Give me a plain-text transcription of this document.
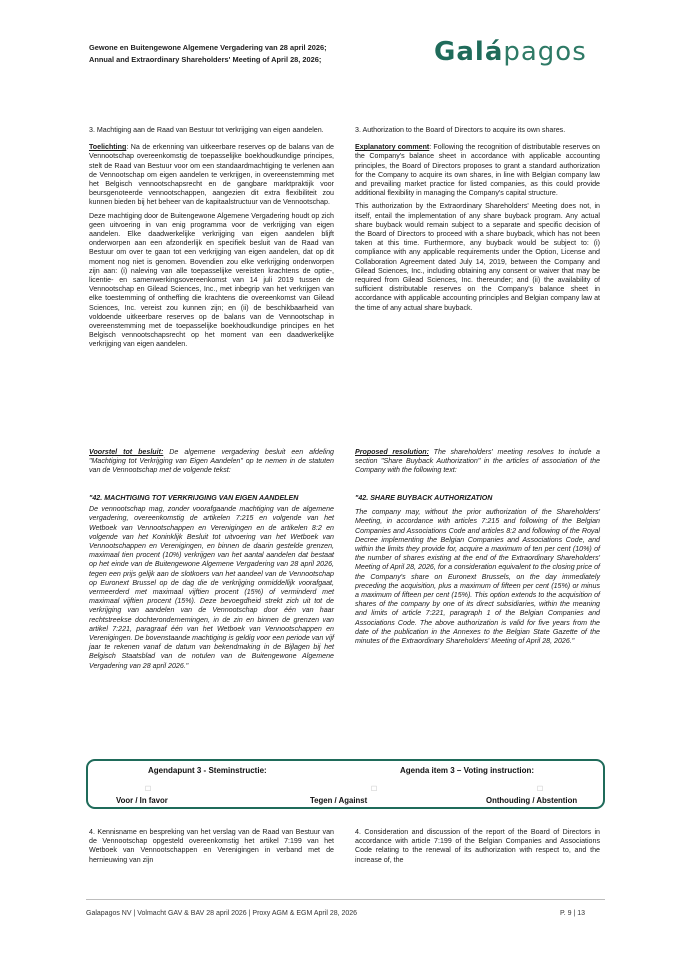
Gewone en Buitengewone Algemene Vergadering van 28 april 2026;
Annual and Extraordinary Shareholders' Meeting of April 28, 2026;	Galápagos

3. Machtiging aan de Raad van Bestuur tot verkrijging van eigen aandelen.

Toelichting: Na de erkenning van uitkeerbare reserves op de balans van de Vennootschap overeenkomstig de toepasselijke boekhoudkundige principes, stelt de Raad van Bestuur voor om een standaardmachtiging te verlenen aan de Vennootschap om eigen aandelen te verkrijgen, in overeenstemming met het Belgisch vennootschapsrecht en de gangbare marktpraktijk voor beursgenoteerde vennootschappen, aangezien dit extra flexibiliteit zou kunnen bieden bij het beheer van de kapitaalstructuur van de Vennootschap.

Deze machtiging door de Buitengewone Algemene Vergadering houdt op zich geen uitvoering in van enig programma voor de verkrijging van eigen aandelen. Elke daadwerkelijke verkrijging van eigen aandelen blijft onderworpen aan een afzonderlijk en specifiek besluit van de Raad van Bestuur om over te gaan tot een verkrijging van eigen aandelen, dat op dit moment nog niet is genomen. Bovendien zou elke verkrijging onderworpen zijn aan: (i) naleving van alle toepasselijke vereisten krachtens de optie-, licentie- en samenwerkingsovereenkomst van 14 juli 2019 tussen de Vennootschap en Gilead Sciences, Inc., met inbegrip van het verkrijgen van elke toestemming of ontheffing die krachtens die overeenkomst van Gilead Sciences, Inc. vereist zou kunnen zijn; en (ii) de beschikbaarheid van voldoende uitkeerbare reserves op de balans van de Vennootschap in overeenstemming met de toepasselijke boekhoudkundige principes en het Belgisch vennootschapsrecht op het moment van een daadwerkelijke verkrijging van eigen aandelen.

Voorstel tot besluit: De algemene vergadering besluit een afdeling "Machtiging tot Verkrijging van Eigen Aandelen" op te nemen in de statuten van de Vennootschap met de volgende tekst:

"42. MACHTIGING TOT VERKRIJGING VAN EIGEN AANDELEN

De vennootschap mag, zonder voorafgaande machtiging van de algemene vergadering, overeenkomstig de artikelen 7:215 en volgende van het Wetboek van Vennootschappen en Verenigingen en de artikelen 8:2 en volgende van het Koninklijk Besluit tot uitvoering van het Wetboek van Vennootschappen en Verenigingen, en binnen de daarin gestelde grenzen, maximaal tien procent (10%) verkrijgen van het aantal aandelen dat bestaat op het einde van de Buitengewone Algemene Vergadering van 28 april 2026, tegen een prijs gelijk aan de slotkoers van het aandeel van de Vennootschap op Euronext Brussel op de dag die de verkrijging onmiddellijk voorafgaat, vermeerderd met maximaal vijftien procent (15%) of verminderd met maximaal vijftien procent (15%). Deze bevoegdheid strekt zich uit tot de verkrijging van aandelen van de Vennootschap door één van haar rechtstreekse dochterondernemingen, in de zin en binnen de grenzen van artikel 7:221, paragraaf één van het Wetboek van Vennootschappen en Verenigingen. De bovenstaande machtiging is geldig voor een periode van vijf jaar te rekenen vanaf de datum van bekendmaking in de Bijlagen bij het Belgisch Staatsblad van de notulen van de Buitengewone Algemene Vergadering van 28 april 2026."

3. Authorization to the Board of Directors to acquire its own shares.

Explanatory comment: Following the recognition of distributable reserves on the Company's balance sheet in accordance with applicable accounting principles, the Board of Directors proposes to grant a standard authorization for the Company to acquire its own shares, in line with Belgian company law and prevailing market practice for listed companies, as this could provide additional flexibility in managing the Company's capital structure.

This authorization by the Extraordinary Shareholders' Meeting does not, in itself, entail the implementation of any share buyback program. Any actual share buyback would remain subject to a separate and specific decision of the Board of Directors to proceed with a share buyback, which has not been taken at this time. Furthermore, any buyback would be subject to: (i) compliance with any applicable requirements under the Option, License and Collaboration Agreement dated July 14, 2019, between the Company and Gilead Sciences, Inc., including obtaining any consent or waiver that may be required from Gilead Sciences, Inc. thereunder; and (ii) the availability of sufficient distributable reserves on the Company's balance sheet in accordance with applicable accounting principles and Belgian company law at the time of any actual share buyback.

Proposed resolution: The shareholders' meeting resolves to include a section "Share Buyback Authorization" in the articles of association of the Company with the following text:

"42. SHARE BUYBACK AUTHORIZATION

The company may, without the prior authorization of the Shareholders' Meeting, in accordance with articles 7:215 and following of the Belgian Companies and Associations Code and articles 8:2 and following of the Royal Decree implementing the Belgian Companies and Associations Code, and within the limits they provide for, acquire a maximum of ten per cent (10%) of the number of shares existing at the end of the Extraordinary Shareholders' Meeting of April 28, 2026, for a consideration equivalent to the closing price of the Company's share on Euronext Brussels, on the day immediately preceding the acquisition, plus a maximum of fifteen per cent (15%) or minus a maximum of fifteen per cent (15%). This option extends to the acquisition of shares of the company by one of its direct subsidiaries, within the meaning and limits of article 7:221, paragraph 1 of the Belgian Companies and Associations Code. The above authorization is valid for five years from the date of the publication in the Annexes to the Belgian State Gazette of the minutes of the Extraordinary Shareholders' Meeting of April 28, 2026."

Agendapunt 3 - Steminstructie:	Agenda item 3 – Voting instruction:
☐	☐	☐
Voor / In favor	Tegen / Against	Onthouding / Abstention

4. Kennisname en bespreking van het verslag van de Raad van Bestuur van de Vennootschap opgesteld overeenkomstig het artikel 7:199 van het Wetboek van Vennootschappen en Verenigingen in verband met de hernieuwing van zijn

4. Consideration and discussion of the report of the Board of Directors in accordance with article 7:199 of the Belgian Companies and Associations Code relating to the renewal of its authorization with respect to, and the increase of, the

Galapagos NV | Volmacht GAV & BAV 28 april 2026 | Proxy AGM & EGM April 28, 2026	P. 9 | 13
